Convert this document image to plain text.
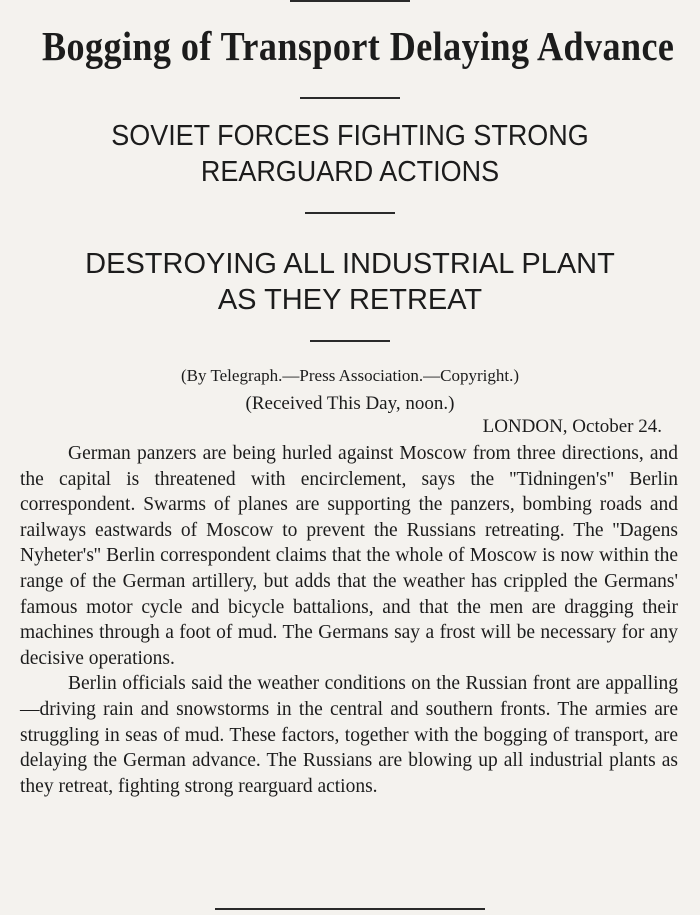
Bogging of Transport Delaying Advance
SOVIET FORCES FIGHTING STRONG REARGUARD ACTIONS
DESTROYING ALL INDUSTRIAL PLANT
AS THEY RETREAT
(By Telegraph.—Press Association.—Copyright.)
(Received This Day, noon.)
LONDON, October 24.

German panzers are being hurled against Moscow from three directions, and the capital is threatened with encirclement, says the ''Tidningen's'' Berlin correspondent. Swarms of planes are supporting the panzers, bombing roads and railways eastwards of Moscow to prevent the Russians retreating. The ''Dagens Nyheter's'' Berlin correspondent claims that the whole of Moscow is now within the range of the German artillery, but adds that the weather has crippled the Germans' famous motor cycle and bicycle battalions, and that the men are dragging their machines through a foot of mud. The Germans say a frost will be necessary for any decisive operations.

Berlin officials said the weather conditions on the Russian front are appalling—driving rain and snowstorms in the central and southern fronts. The armies are struggling in seas of mud. These factors, together with the bogging of transport, are delaying the German advance. The Russians are blowing up all industrial plants as they retreat, fighting strong rearguard actions.
